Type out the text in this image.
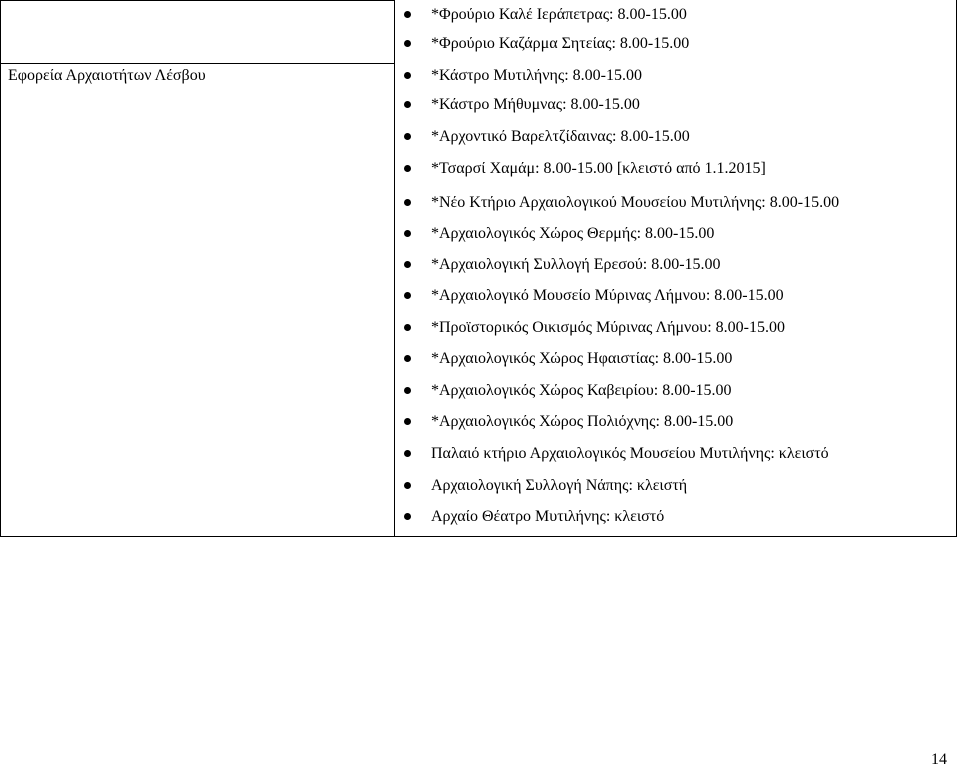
Εφορεία Αρχαιοτήτων Λέσβου
*Φρούριο Καλέ Ιεράπετρας: 8.00-15.00
*Φρούριο Καζάρμα Σητείας: 8.00-15.00
*Κάστρο Μυτιλήνης: 8.00-15.00
*Κάστρο Μήθυμνας: 8.00-15.00
*Αρχοντικό Βαρελτζίδαινας: 8.00-15.00
*Τσαρσί Χαμάμ: 8.00-15.00 [κλειστό από 1.1.2015]
*Νέο Κτήριο Αρχαιολογικού Μουσείου Μυτιλήνης: 8.00-15.00
*Αρχαιολογικός Χώρος Θερμής: 8.00-15.00
*Αρχαιολογική Συλλογή Ερεσού: 8.00-15.00
*Αρχαιολογικό Μουσείο Μύρινας Λήμνου: 8.00-15.00
*Προϊστορικός Οικισμός Μύρινας Λήμνου: 8.00-15.00
*Αρχαιολογικός Χώρος Ηφαιστίας: 8.00-15.00
*Αρχαιολογικός Χώρος Καβειρίου: 8.00-15.00
*Αρχαιολογικός Χώρος Πολιόχνης: 8.00-15.00
Παλαιό κτήριο Αρχαιολογικός Μουσείου Μυτιλήνης: κλειστό
Αρχαιολογική Συλλογή Νάπης: κλειστή
Αρχαίο Θέατρο Μυτιλήνης: κλειστό
14
